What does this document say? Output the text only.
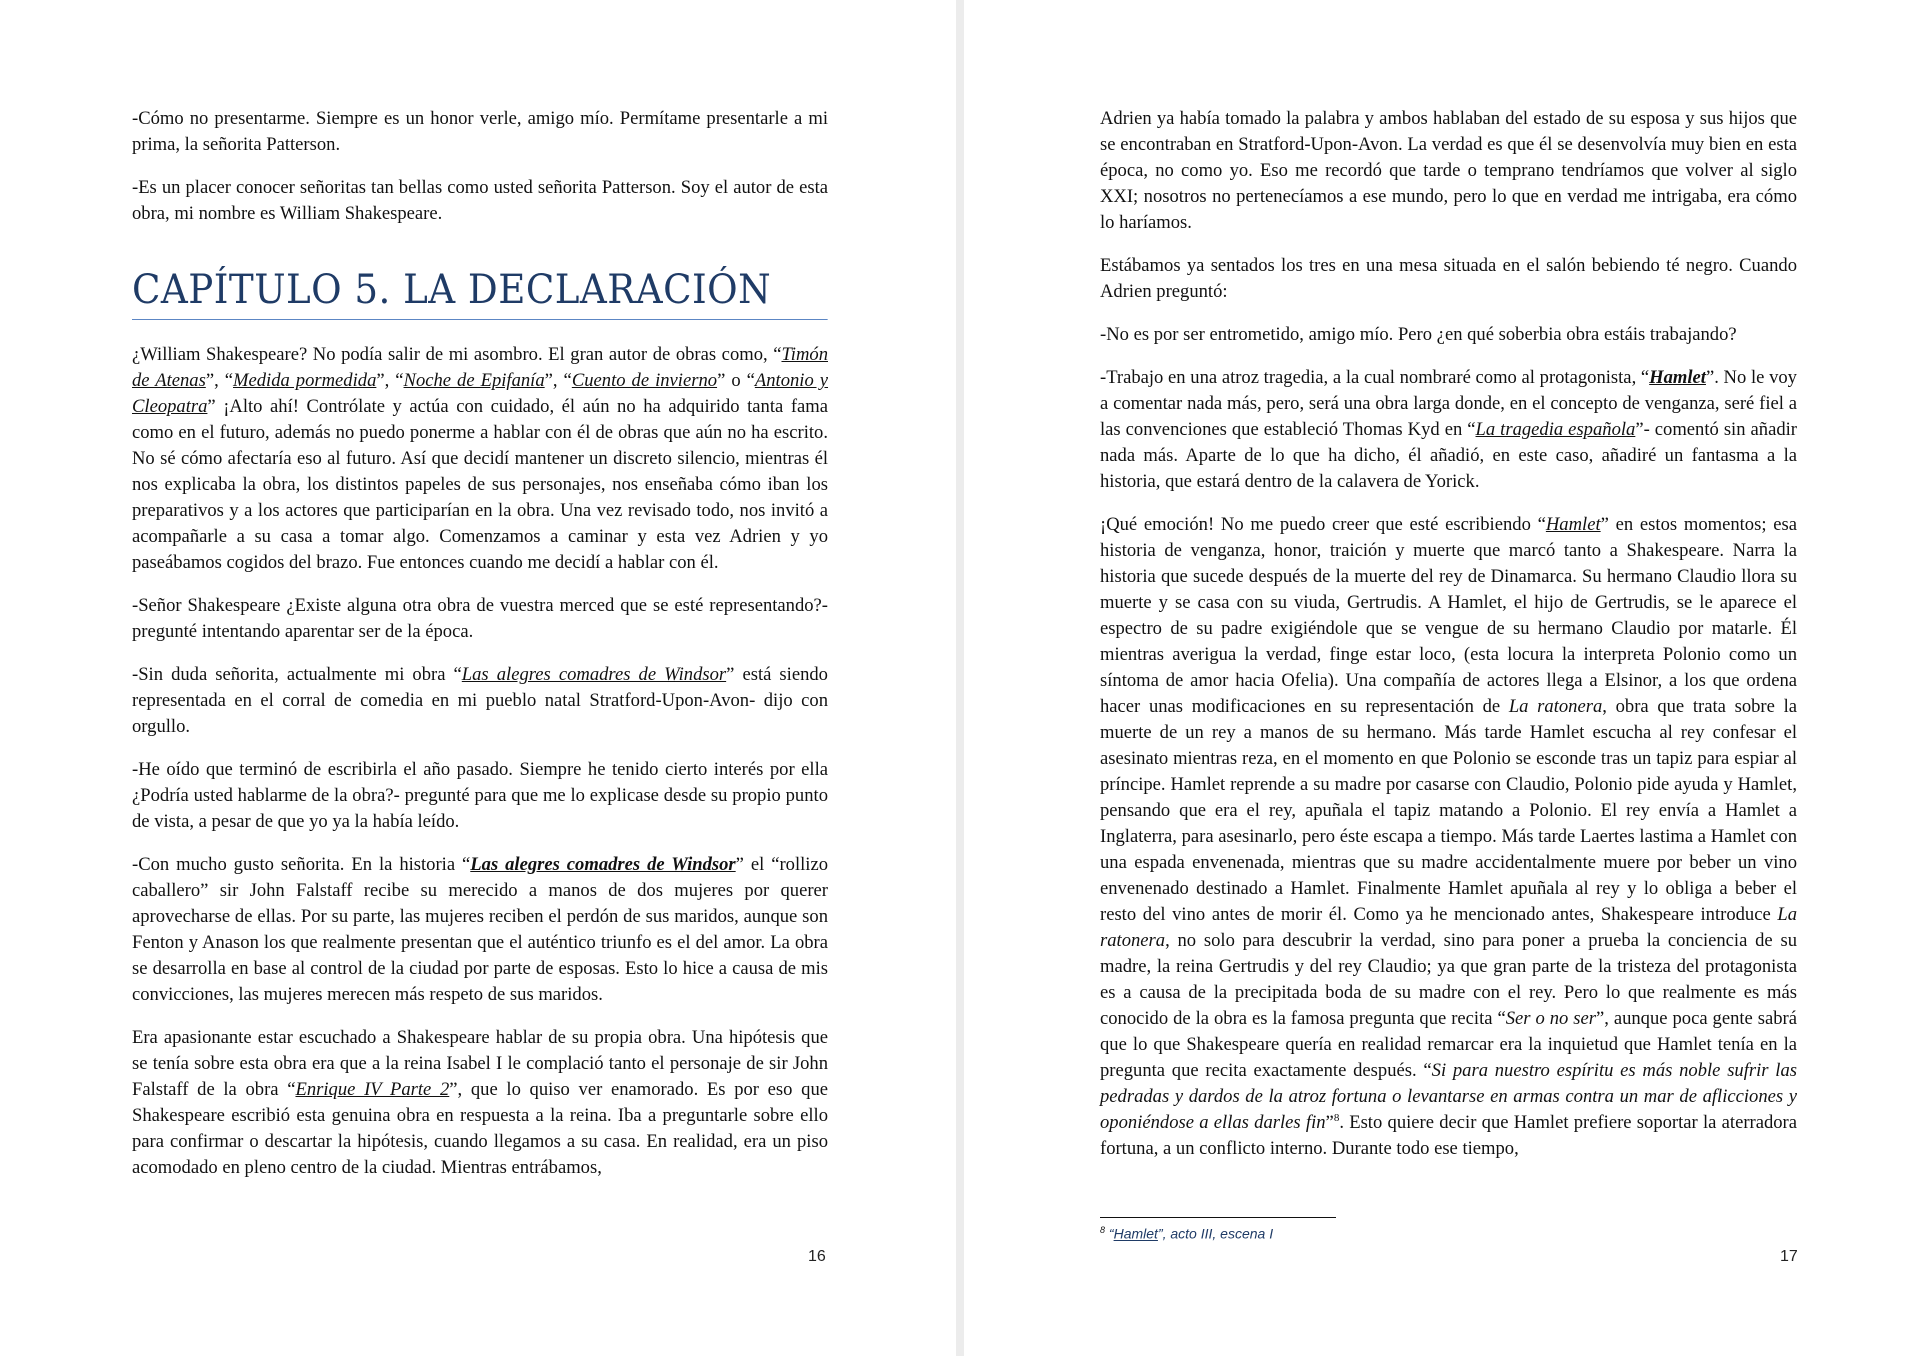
-Cómo no presentarme. Siempre es un honor verle, amigo mío. Permítame presentarle a mi prima, la señorita Patterson.

-Es un placer conocer señoritas tan bellas como usted señorita Patterson. Soy el autor de esta obra, mi nombre es William Shakespeare.

CAPÍTULO 5. LA DECLARACIÓN

¿William Shakespeare? No podía salir de mi asombro. El gran autor de obras como, “Timón de Atenas”, “Medida pormedida”, “Noche de Epifanía”, “Cuento de invierno” o “Antonio y Cleopatra” ¡Alto ahí! Contrólate y actúa con cuidado, él aún no ha adquirido tanta fama como en el futuro, además no puedo ponerme a hablar con él de obras que aún no ha escrito. No sé cómo afectaría eso al futuro. Así que decidí mantener un discreto silencio, mientras él nos explicaba la obra, los distintos papeles de sus personajes, nos enseñaba cómo iban los preparativos y a los actores que participarían en la obra. Una vez revisado todo, nos invitó a acompañarle a su casa a tomar algo. Comenzamos a caminar y esta vez Adrien y yo paseábamos cogidos del brazo. Fue entonces cuando me decidí a hablar con él.

-Señor Shakespeare ¿Existe alguna otra obra de vuestra merced que se esté representando?-pregunté intentando aparentar ser de la época.

-Sin duda señorita, actualmente mi obra “Las alegres comadres de Windsor” está siendo representada en el corral de comedia en mi pueblo natal Stratford-Upon-Avon- dijo con orgullo.

-He oído que terminó de escribirla el año pasado. Siempre he tenido cierto interés por ella ¿Podría usted hablarme de la obra?- pregunté para que me lo explicase desde su propio punto de vista, a pesar de que yo ya la había leído.

-Con mucho gusto señorita. En la historia “Las alegres comadres de Windsor” el “rollizo caballero” sir John Falstaff recibe su merecido a manos de dos mujeres por querer aprovecharse de ellas. Por su parte, las mujeres reciben el perdón de sus maridos, aunque son Fenton y Anason los que realmente presentan que el auténtico triunfo es el del amor. La obra se desarrolla en base al control de la ciudad por parte de esposas. Esto lo hice a causa de mis convicciones, las mujeres merecen más respeto de sus maridos.

Era apasionante estar escuchado a Shakespeare hablar de su propia obra. Una hipótesis que se tenía sobre esta obra era que a la reina Isabel I le complació tanto el personaje de sir John Falstaff de la obra “Enrique IV Parte 2”, que lo quiso ver enamorado. Es por eso que Shakespeare escribió esta genuina obra en respuesta a la reina. Iba a preguntarle sobre ello para confirmar o descartar la hipótesis, cuando llegamos a su casa. En realidad, era un piso acomodado en pleno centro de la ciudad. Mientras entrábamos,

16

Adrien ya había tomado la palabra y ambos hablaban del estado de su esposa y sus hijos que se encontraban en Stratford-Upon-Avon. La verdad es que él se desenvolvía muy bien en esta época, no como yo. Eso me recordó que tarde o temprano tendríamos que volver al siglo XXI; nosotros no pertenecíamos a ese mundo, pero lo que en verdad me intrigaba, era cómo lo haríamos.

Estábamos ya sentados los tres en una mesa situada en el salón bebiendo té negro. Cuando Adrien preguntó:

-No es por ser entrometido, amigo mío. Pero ¿en qué soberbia obra estáis trabajando?

-Trabajo en una atroz tragedia, a la cual nombraré como al protagonista, “Hamlet”. No le voy a comentar nada más, pero, será una obra larga donde, en el concepto de venganza, seré fiel a las convenciones que estableció Thomas Kyd en “La tragedia española”- comentó sin añadir nada más. Aparte de lo que ha dicho, él añadió, en este caso, añadiré un fantasma a la historia, que estará dentro de la calavera de Yorick.

¡Qué emoción! No me puedo creer que esté escribiendo “Hamlet” en estos momentos; esa historia de venganza, honor, traición y muerte que marcó tanto a Shakespeare. Narra la historia que sucede después de la muerte del rey de Dinamarca. Su hermano Claudio llora su muerte y se casa con su viuda, Gertrudis. A Hamlet, el hijo de Gertrudis, se le aparece el espectro de su padre exigiéndole que se vengue de su hermano Claudio por matarle. Él mientras averigua la verdad, finge estar loco, (esta locura la interpreta Polonio como un síntoma de amor hacia Ofelia). Una compañía de actores llega a Elsinor, a los que ordena hacer unas modificaciones en su representación de La ratonera, obra que trata sobre la muerte de un rey a manos de su hermano. Más tarde Hamlet escucha al rey confesar el asesinato mientras reza, en el momento en que Polonio se esconde tras un tapiz para espiar al príncipe. Hamlet reprende a su madre por casarse con Claudio, Polonio pide ayuda y Hamlet, pensando que era el rey, apuñala el tapiz matando a Polonio. El rey envía a Hamlet a Inglaterra, para asesinarlo, pero éste escapa a tiempo. Más tarde Laertes lastima a Hamlet con una espada envenenada, mientras que su madre accidentalmente muere por beber un vino envenenado destinado a Hamlet. Finalmente Hamlet apuñala al rey y lo obliga a beber el resto del vino antes de morir él. Como ya he mencionado antes, Shakespeare introduce La ratonera, no solo para descubrir la verdad, sino para poner a prueba la conciencia de su madre, la reina Gertrudis y del rey Claudio; ya que gran parte de la tristeza del protagonista es a causa de la precipitada boda de su madre con el rey. Pero lo que realmente es más conocido de la obra es la famosa pregunta que recita “Ser o no ser”, aunque poca gente sabrá que lo que Shakespeare quería en realidad remarcar era la inquietud que Hamlet tenía en la pregunta que recita exactamente después. “Si para nuestro espíritu es más noble sufrir las pedradas y dardos de la atroz fortuna o levantarse en armas contra un mar de aflicciones y oponiéndose a ellas darles fin”$^8$. Esto quiere decir que Hamlet prefiere soportar la aterradora fortuna, a un conflicto interno. Durante todo ese tiempo,

$^8$ “Hamlet”, acto III, escena I
17
